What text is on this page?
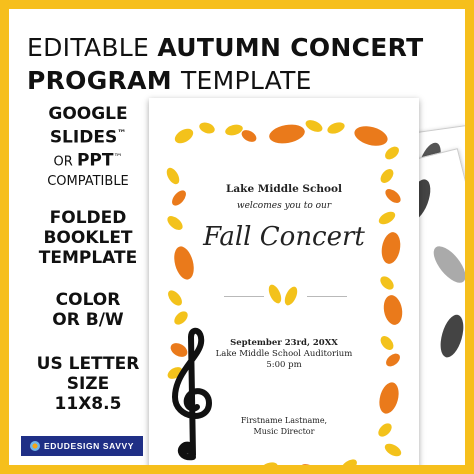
EDITABLE AUTUMN CONCERT
PROGRAM TEMPLATE

Lake Middle School

welcomes you to our

Fall Concert

September 23rd, 20XX

Lake Middle School Auditorium

5:00 pm

Firstname Lastname,

Music Director

GOOGLE
SLIDES™
OR PPT™
COMPATIBLE
FOLDED
BOOKLET
TEMPLATE
COLOR
OR B/W
US LETTER
SIZE
11X8.5
EDUDESIGN SAVVY
